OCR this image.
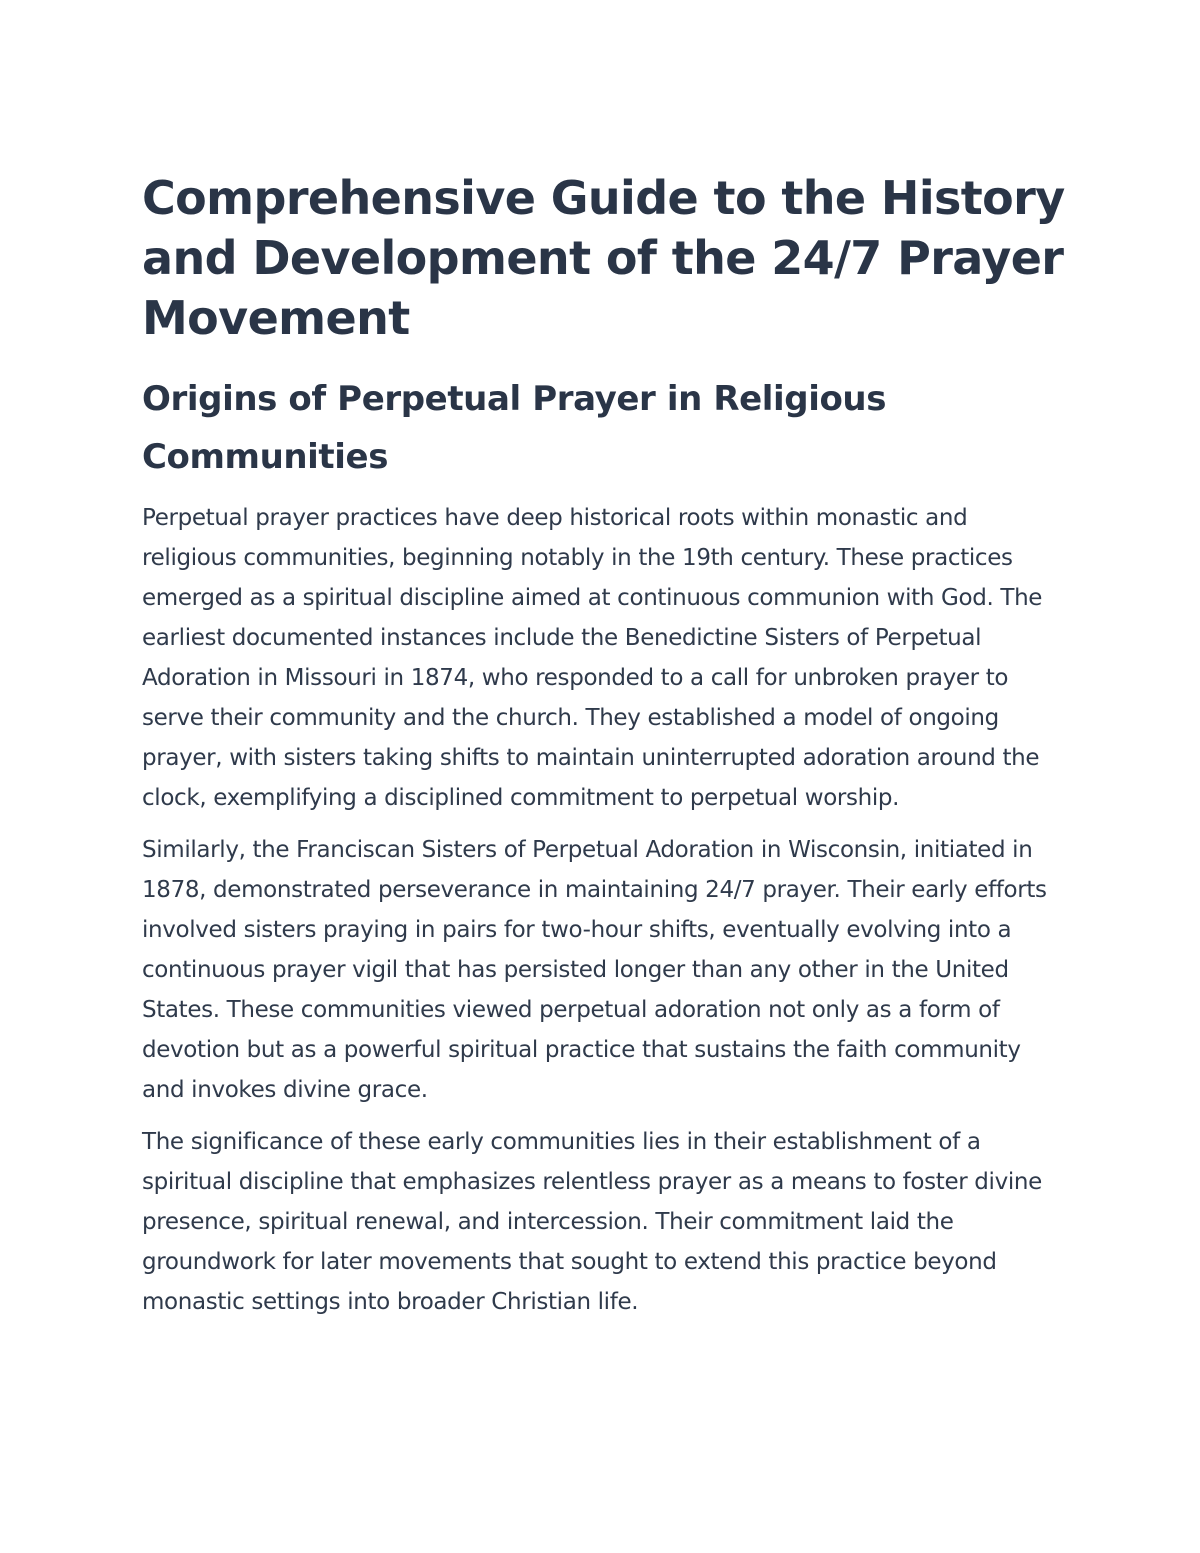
Comprehensive Guide to the History and Development of the 24/7 Prayer Movement
Origins of Perpetual Prayer in Religious Communities

Perpetual prayer practices have deep historical roots within monastic and religious communities, beginning notably in the 19th century. These practices emerged as a spiritual discipline aimed at continuous communion with God. The earliest documented instances include the Benedictine Sisters of Perpetual Adoration in Missouri in 1874, who responded to a call for unbroken prayer to serve their community and the church. They established a model of ongoing prayer, with sisters taking shifts to maintain uninterrupted adoration around the clock, exemplifying a disciplined commitment to perpetual worship.

Similarly, the Franciscan Sisters of Perpetual Adoration in Wisconsin, initiated in 1878, demonstrated perseverance in maintaining 24/7 prayer. Their early efforts involved sisters praying in pairs for two-hour shifts, eventually evolving into a continuous prayer vigil that has persisted longer than any other in the United States. These communities viewed perpetual adoration not only as a form of devotion but as a powerful spiritual practice that sustains the faith community and invokes divine grace.

The significance of these early communities lies in their establishment of a spiritual discipline that emphasizes relentless prayer as a means to foster divine presence, spiritual renewal, and intercession. Their commitment laid the groundwork for later movements that sought to extend this practice beyond monastic settings into broader Christian life.
